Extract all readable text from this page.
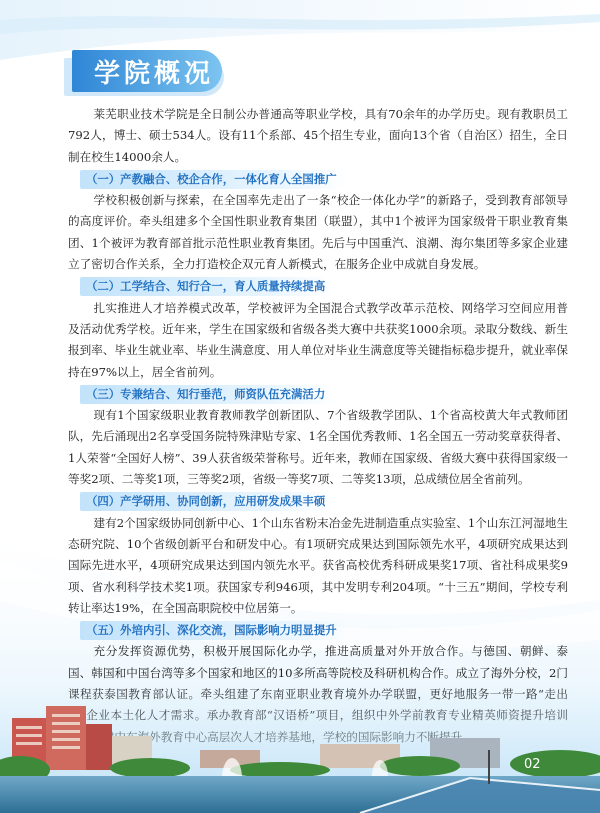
学院概况

莱芜职业技术学院是全日制公办普通高等职业学校，具有70余年的办学历史。现有教职员工792人，博士、硕士534人。设有11个系部、45个招生专业，面向13个省（自治区）招生，全日制在校生14000余人。

（一）产教融合、校企合作，一体化育人全国推广

学校积极创新与探索，在全国率先走出了一条“校企一体化办学”的新路子，受到教育部领导的高度评价。牵头组建多个全国性职业教育集团（联盟），其中1个被评为国家级骨干职业教育集团、1个被评为教育部首批示范性职业教育集团。先后与中国重汽、浪潮、海尔集团等多家企业建立了密切合作关系，全力打造校企双元育人新模式，在服务企业中成就自身发展。

（二）工学结合、知行合一，育人质量持续提高

扎实推进人才培养模式改革，学校被评为全国混合式教学改革示范校、网络学习空间应用普及活动优秀学校。近年来，学生在国家级和省级各类大赛中共获奖1000余项。录取分数线、新生报到率、毕业生就业率、毕业生满意度、用人单位对毕业生满意度等关键指标稳步提升，就业率保持在97%以上，居全省前列。

（三）专兼结合、知行垂范，师资队伍充满活力

现有1个国家级职业教育教师教学创新团队、7个省级教学团队、1个省高校黄大年式教师团队，先后涌现出2名享受国务院特殊津贴专家、1名全国优秀教师、1名全国五一劳动奖章获得者、1人荣誉“全国好人榜”、39人获省级荣誉称号。近年来，教师在国家级、省级大赛中获得国家级一等奖2项、二等奖1项，三等奖2项，省级一等奖7项、二等奖13项，总成绩位居全省前列。

（四）产学研用、协同创新，应用研发成果丰硕

建有2个国家级协同创新中心、1个山东省粉末冶金先进制造重点实验室、1个山东江河湿地生态研究院、10个省级创新平台和研发中心。有1项研究成果达到国际领先水平，4项研究成果达到国际先进水平，4项研究成果达到国内领先水平。获省高校优秀科研成果奖17项、省社科成果奖9项、省水利科学技术奖1项。获国家专利946项，其中发明专利204项。“十三五”期间，学校专利转让率达19%，在全国高职院校中位居第一。

（五）外培内引、深化交流，国际影响力明显提升

充分发挥资源优势，积极开展国际化办学，推进高质量对外开放合作。与德国、朝鲜、泰国、韩国和中国台湾等多个国家和地区的10多所高等院校及科研机构合作。成立了海外分校，2门

02
